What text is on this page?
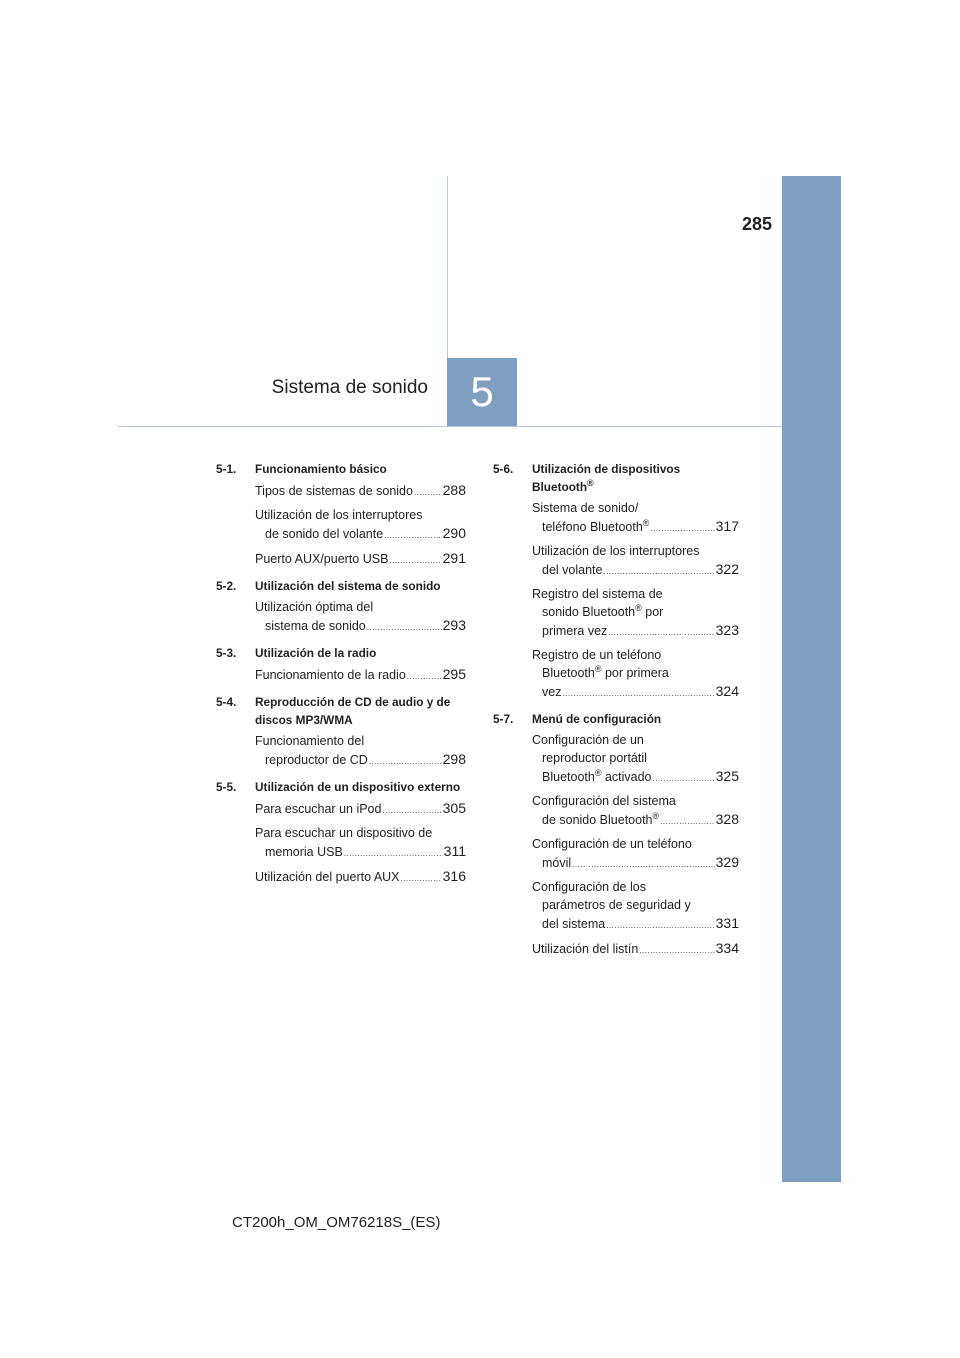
285
Sistema de sonido	5
5-1.	Funcionamiento básico
Tipos de sistemas de sonido ..... 288
Utilización de los interruptores
de sonido del volante .....	290
Puerto AUX/puerto USB .....	291
5-2.	Utilización del sistema de sonido
Utilización óptima del
sistema de sonido .....	293
5-3.	Utilización de la radio
Funcionamiento de la radio .....	295
5-4.	Reproducción de CD de audio y de discos MP3/WMA
Funcionamiento del
reproductor de CD .....	298
5-5.	Utilización de un dispositivo externo
Para escuchar un iPod .....	305
Para escuchar un dispositivo de
memoria USB .....	311
Utilización del puerto AUX .....	316
5-6.	Utilización de dispositivos Bluetooth®
Sistema de sonido/
teléfono Bluetooth® .....	317
Utilización de los interruptores
del volante .....	322
Registro del sistema de
sonido Bluetooth® por
primera vez .....	323
Registro de un teléfono
Bluetooth® por primera
vez .....	324
5-7.	Menú de configuración
Configuración de un
reproductor portátil
Bluetooth® activado .....	325
Configuración del sistema
de sonido Bluetooth® .....	328
Configuración de un teléfono
móvil .....	329
Configuración de los
parámetros de seguridad y
del sistema .....	331
Utilización del listín .....	334
CT200h_OM_OM76218S_(ES)
